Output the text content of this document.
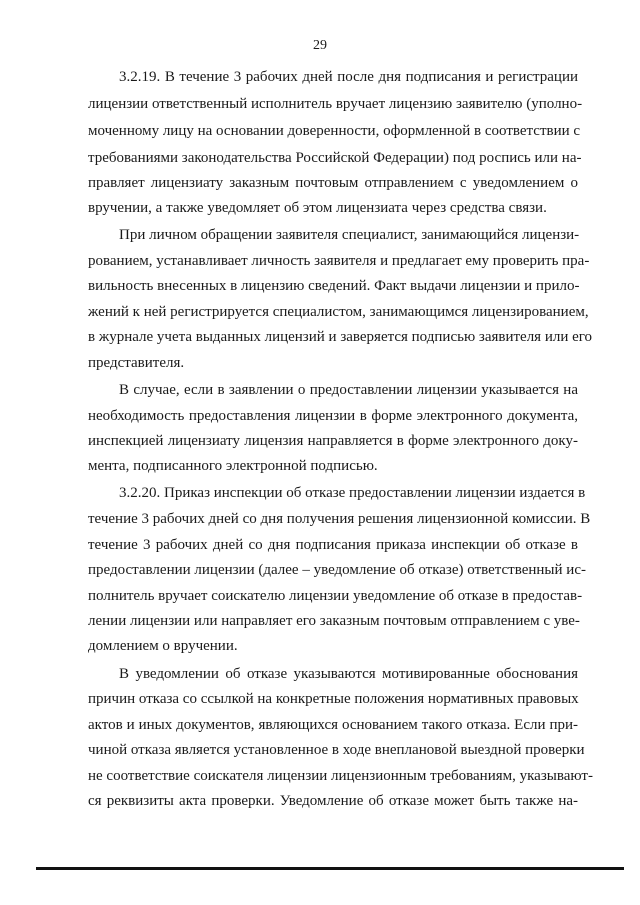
29
3.2.19. В течение 3 рабочих дней после дня подписания и регистрации
лицензии ответственный исполнитель вручает лицензию заявителю (уполно-
моченному лицу на основании доверенности, оформленной в соответствии с
требованиями законодательства Российской Федерации) под роспись или на-
правляет лицензиату заказным почтовым отправлением с уведомлением о
вручении, а также уведомляет об этом лицензиата через средства связи.
При личном обращении заявителя специалист, занимающийся лицензи-
рованием, устанавливает личность заявителя и предлагает ему проверить пра-
вильность внесенных в лицензию сведений. Факт выдачи лицензии и прило-
жений к ней регистрируется специалистом, занимающимся лицензированием,
в журнале учета выданных лицензий и заверяется подписью заявителя или его
представителя.
В случае, если в заявлении о предоставлении лицензии указывается на
необходимость предоставления лицензии в форме электронного документа,
инспекцией лицензиату лицензия направляется в форме электронного доку-
мента, подписанного электронной подписью.
3.2.20. Приказ инспекции об отказе предоставлении лицензии издается в
течение 3 рабочих дней со дня получения решения лицензионной комиссии. В
течение 3 рабочих дней со дня подписания приказа инспекции об отказе в
предоставлении лицензии (далее – уведомление об отказе) ответственный ис-
полнитель вручает соискателю лицензии уведомление об отказе в предостав-
лении лицензии или направляет его заказным почтовым отправлением с уве-
домлением о вручении.
В уведомлении об отказе указываются мотивированные обоснования
причин отказа со ссылкой на конкретные положения нормативных правовых
актов и иных документов, являющихся основанием такого отказа. Если при-
чиной отказа является установленное в ходе внеплановой выездной проверки
не соответствие соискателя лицензии лицензионным требованиям, указывают-
ся реквизиты акта проверки. Уведомление об отказе может быть также на-
